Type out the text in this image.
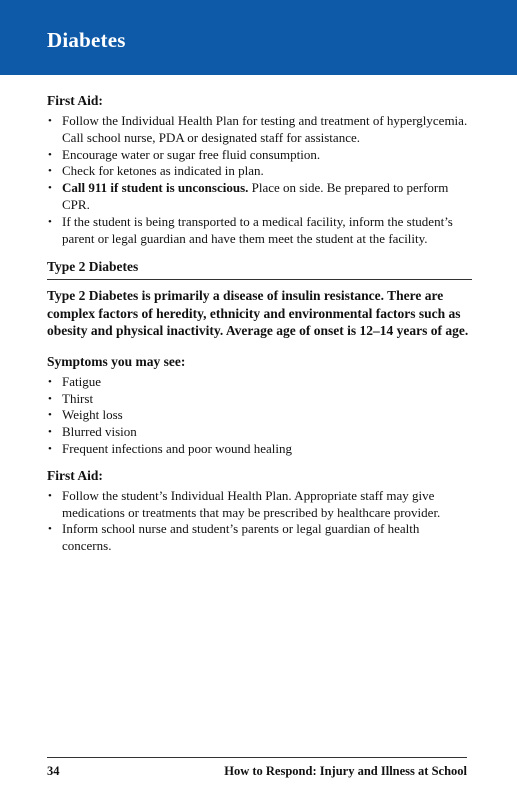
Diabetes
First Aid:
• Follow the Individual Health Plan for testing and treatment of hyperglycemia. Call school nurse, PDA or designated staff for assistance.
• Encourage water or sugar free fluid consumption.
• Check for ketones as indicated in plan.
• Call 911 if student is unconscious. Place on side. Be prepared to perform CPR.
• If the student is being transported to a medical facility, inform the student’s parent or legal guardian and have them meet the student at the facility.
Type 2 Diabetes
Type 2 Diabetes is primarily a disease of insulin resistance. There are complex factors of heredity, ethnicity and environmental factors such as obesity and physical inactivity. Average age of onset is 12–14 years of age.
Symptoms you may see:
• Fatigue
• Thirst
• Weight loss
• Blurred vision
• Frequent infections and poor wound healing
First Aid:
• Follow the student’s Individual Health Plan. Appropriate staff may give medications or treatments that may be prescribed by healthcare provider.
• Inform school nurse and student’s parents or legal guardian of health concerns.
34	How to Respond: Injury and Illness at School
